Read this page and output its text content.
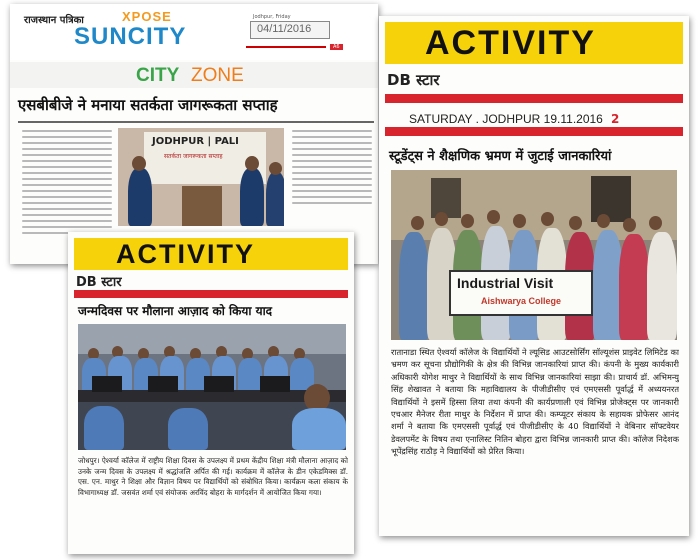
राजस्थान पत्रिका	XPOSE
SUNCITY
Jodhpur, Friday
04/11/2016
A6
CITY ZONE
एसबीबीजे ने मनाया सतर्कता जागरूकता सप्ताह
JODHPUR | PALI
सतर्कता जागरूकता सप्ताह
ACTIVITY
DB स्टार
SATURDAY . JODHPUR 19.11.2016 2
स्टूडेंट्स ने शैक्षणिक भ्रमण में जुटाई जानकारियां
Industrial Visit
Aishwarya College
रातानाडा स्थित ऐश्वर्या कॉलेज के विद्यार्थियों ने ल्यूसिड आउटसोर्सिंग सॉल्यूशंस प्राइवेट लिमिटेड का भ्रमण कर सूचना प्रौद्योगिकी के क्षेत्र की विभिन्न जानकारियां प्राप्त की। कंपनी के मुख्य कार्यकारी अधिकारी योगेश माथुर ने विद्यार्थियों के साथ विभिन्न जानकारियां साझा की। प्राचार्य डॉ. अभिमन्यु सिंह शेखावत ने बताया कि महाविद्यालय के पीजीडीसीए एवं एमएससी पूर्वार्द्ध में अध्ययनरत विद्यार्थियों ने इसमें हिस्सा लिया तथा कंपनी की कार्यप्रणाली एवं विभिन्न प्रोजेक्ट्स पर जानकारी एचआर मैनेजर रीता माथुर के निर्देशन में प्राप्त की। कम्प्यूटर संकाय के सहायक प्रोफेसर आनंद शर्मा ने बताया कि एमएससी पूर्वार्द्ध एवं पीजीडीसीए के 40 विद्यार्थियों ने वेबिनार सॉफ्टवेयर डेवलपमेंट के विषय तथा एनालिस्ट नितिन बोहरा द्वारा विभिन्न जानकारी प्राप्त की। कॉलेज निदेशक भूपेंद्रसिंह राठौड़ ने विद्यार्थियों को प्रेरित किया।
ACTIVITY
DB स्टार
जन्मदिवस पर मौलाना आज़ाद को किया याद
जोधपुर। ऐश्वर्या कॉलेज में राष्ट्रीय शिक्षा दिवस के उपलक्ष्य में प्रथम केंद्रीय शिक्षा मंत्री मौलाना आज़ाद को उनके जन्म दिवस के उपलक्ष्य में श्रद्धांजलि अर्पित की गई। कार्यक्रम में कॉलेज के डीन एकेडमिक्स डॉ. एस. एन. माथुर ने शिक्षा और विज्ञान विषय पर विद्यार्थियों को संबोधित किया। कार्यक्रम कला संकाय के विभागाध्यक्ष डॉ. जसवंत शर्मा एवं संयोजक अरविंद बोहरा के मार्गदर्शन में आयोजित किया गया।
